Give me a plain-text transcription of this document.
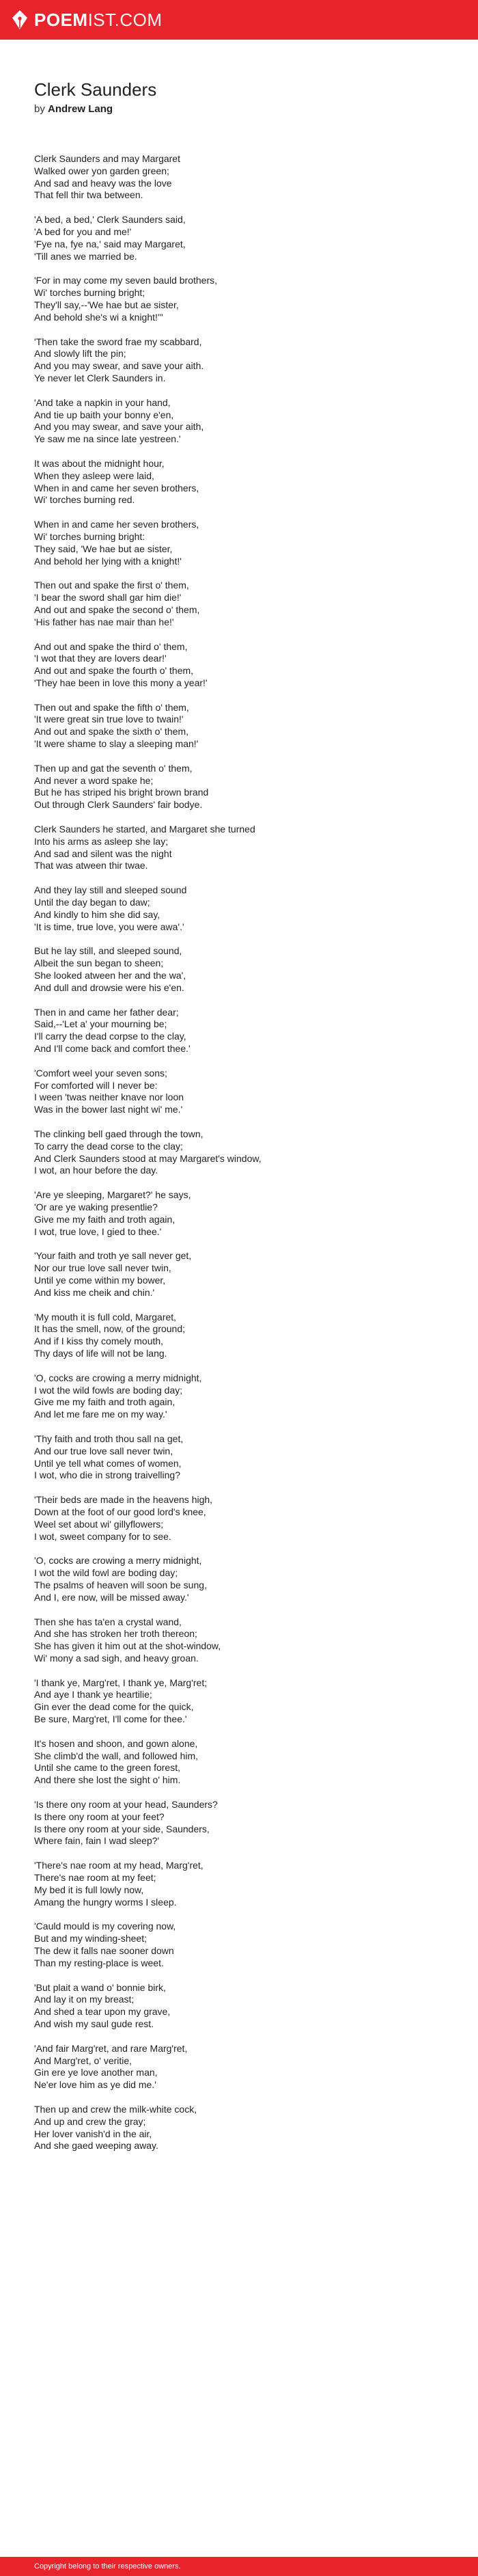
POEMIST.COM
Clerk Saunders
by Andrew Lang
Clerk Saunders and may Margaret
Walked ower yon garden green;
And sad and heavy was the love
That fell thir twa between.
'A bed, a bed,' Clerk Saunders said,
'A bed for you and me!'
'Fye na, fye na,' said may Margaret,
'Till anes we married be.
'For in may come my seven bauld brothers,
Wi' torches burning bright;
They'll say,--'We hae but ae sister,
And behold she's wi a knight!'"
'Then take the sword frae my scabbard,
And slowly lift the pin;
And you may swear, and save your aith.
Ye never let Clerk Saunders in.
'And take a napkin in your hand,
And tie up baith your bonny e'en,
And you may swear, and save your aith,
Ye saw me na since late yestreen.'
It was about the midnight hour,
When they asleep were laid,
When in and came her seven brothers,
Wi' torches burning red.
When in and came her seven brothers,
Wi' torches burning bright:
They said, 'We hae but ae sister,
And behold her lying with a knight!'
Then out and spake the first o' them,
'I bear the sword shall gar him die!'
And out and spake the second o' them,
'His father has nae mair than he!'
And out and spake the third o' them,
'I wot that they are lovers dear!'
And out and spake the fourth o' them,
'They hae been in love this mony a year!'
Then out and spake the fifth o' them,
'It were great sin true love to twain!'
And out and spake the sixth o' them,
'It were shame to slay a sleeping man!'
Then up and gat the seventh o' them,
And never a word spake he;
But he has striped his bright brown brand
Out through Clerk Saunders' fair bodye.
Clerk Saunders he started, and Margaret she turned
Into his arms as asleep she lay;
And sad and silent was the night
That was atween thir twae.
And they lay still and sleeped sound
Until the day began to daw;
And kindly to him she did say,
'It is time, true love, you were awa'.'
But he lay still, and sleeped sound,
Albeit the sun began to sheen;
She looked atween her and the wa',
And dull and drowsie were his e'en.
Then in and came her father dear;
Said,--'Let a' your mourning be;
I'll carry the dead corpse to the clay,
And I'll come back and comfort thee.'
'Comfort weel your seven sons;
For comforted will I never be:
I ween 'twas neither knave nor loon
Was in the bower last night wi' me.'
The clinking bell gaed through the town,
To carry the dead corse to the clay;
And Clerk Saunders stood at may Margaret's window,
I wot, an hour before the day.
'Are ye sleeping, Margaret?' he says,
'Or are ye waking presentlie?
Give me my faith and troth again,
I wot, true love, I gied to thee.'
'Your faith and troth ye sall never get,
Nor our true love sall never twin,
Until ye come within my bower,
And kiss me cheik and chin.'
'My mouth it is full cold, Margaret,
It has the smell, now, of the ground;
And if I kiss thy comely mouth,
Thy days of life will not be lang.
'O, cocks are crowing a merry midnight,
I wot the wild fowls are boding day;
Give me my faith and troth again,
And let me fare me on my way.'
'Thy faith and troth thou sall na get,
And our true love sall never twin,
Until ye tell what comes of women,
I wot, who die in strong traivelling?
'Their beds are made in the heavens high,
Down at the foot of our good lord's knee,
Weel set about wi' gillyflowers;
I wot, sweet company for to see.
'O, cocks are crowing a merry midnight,
I wot the wild fowl are boding day;
The psalms of heaven will soon be sung,
And I, ere now, will be missed away.'
Then she has ta'en a crystal wand,
And she has stroken her troth thereon;
She has given it him out at the shot-window,
Wi' mony a sad sigh, and heavy groan.
'I thank ye, Marg'ret, I thank ye, Marg'ret;
And aye I thank ye heartilie;
Gin ever the dead come for the quick,
Be sure, Marg'ret, I'll come for thee.'
It's hosen and shoon, and gown alone,
She climb'd the wall, and followed him,
Until she came to the green forest,
And there she lost the sight o' him.
'Is there ony room at your head, Saunders?
Is there ony room at your feet?
Is there ony room at your side, Saunders,
Where fain, fain I wad sleep?'
'There's nae room at my head, Marg'ret,
There's nae room at my feet;
My bed it is full lowly now,
Amang the hungry worms I sleep.
'Cauld mould is my covering now,
But and my winding-sheet;
The dew it falls nae sooner down
Than my resting-place is weet.
'But plait a wand o' bonnie birk,
And lay it on my breast;
And shed a tear upon my grave,
And wish my saul gude rest.
'And fair Marg'ret, and rare Marg'ret,
And Marg'ret, o' veritie,
Gin ere ye love another man,
Ne'er love him as ye did me.'
Then up and crew the milk-white cock,
And up and crew the gray;
Her lover vanish'd in the air,
And she gaed weeping away.
Copyright belong to their respective owners.
